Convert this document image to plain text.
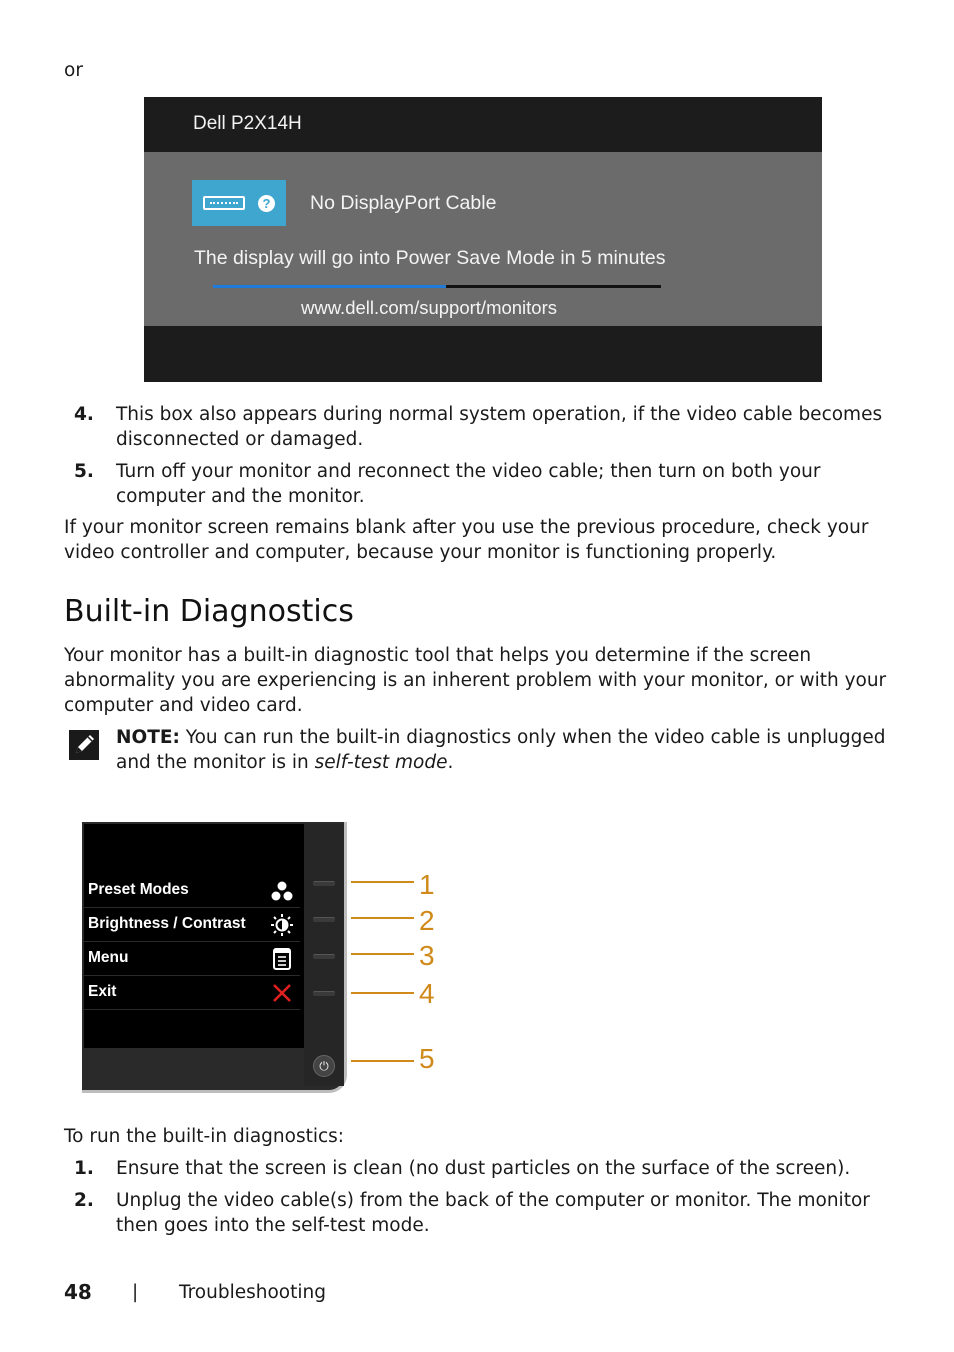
or
Dell P2X14H
? No DisplayPort Cable
The display will go into Power Save Mode in 5 minutes
www.dell.com/support/monitors
4. This box also appears during normal system operation, if the video cable becomes
disconnected or damaged.
5. Turn off your monitor and reconnect the video cable; then turn on both your
computer and the monitor.
If your monitor screen remains blank after you use the previous procedure, check your
video controller and computer, because your monitor is functioning properly.
Built-in Diagnostics
Your monitor has a built-in diagnostic tool that helps you determine if the screen
abnormality you are experiencing is an inherent problem with your monitor, or with your
computer and video card.
NOTE: You can run the built-in diagnostics only when the video cable is unplugged
and the monitor is in self-test mode.
Preset Modes
Brightness / Contrast
Menu
Exit
⏻
1
2
3
4
5
To run the built-in diagnostics:
1. Ensure that the screen is clean (no dust particles on the surface of the screen).
2. Unplug the video cable(s) from the back of the computer or monitor. The monitor
then goes into the self-test mode.
48 | Troubleshooting
